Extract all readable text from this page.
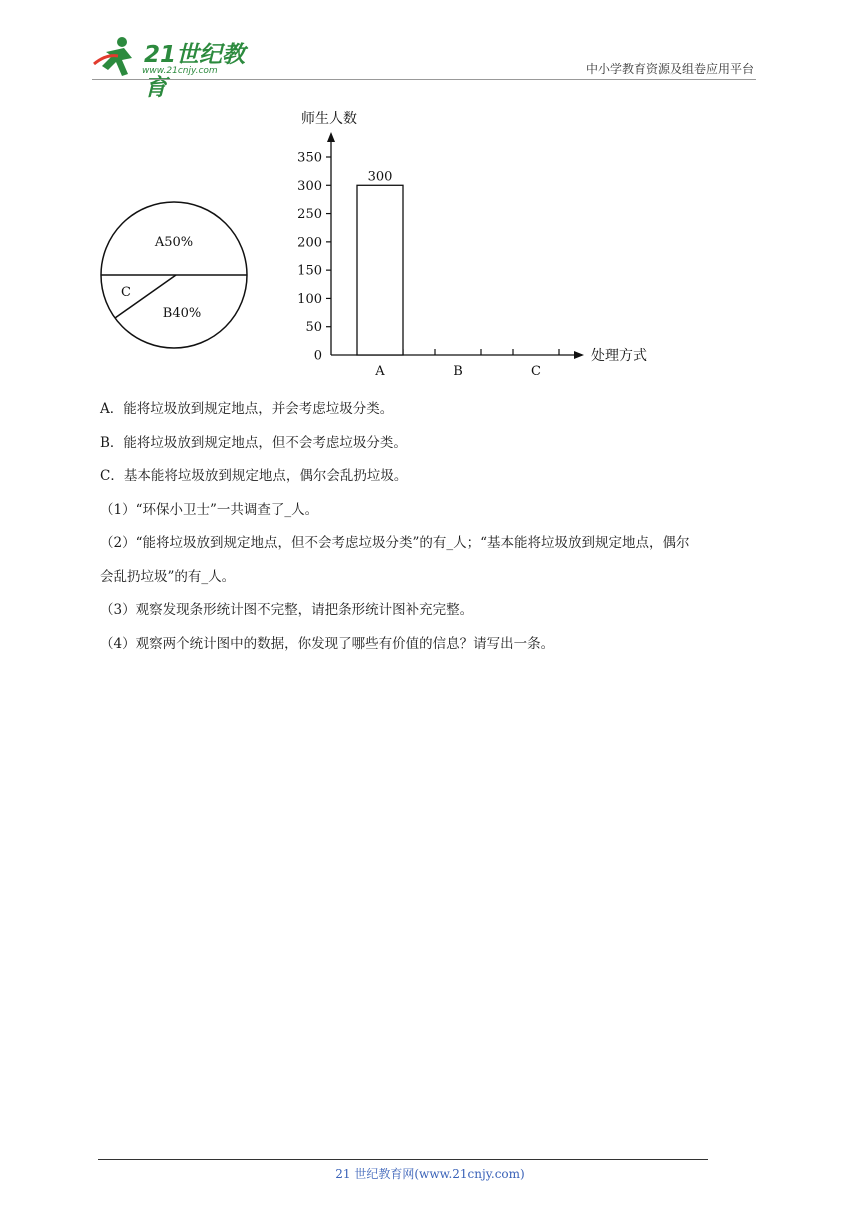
21世纪教育
www.21cnjy.com	中小学教育资源及组卷应用平台
A50%
B40%
C
师生人数
处理方式
0
50
100
150
200
250
300
350
A
300
B	C
A．能将垃圾放到规定地点，并会考虑垃圾分类。
B．能将垃圾放到规定地点，但不会考虑垃圾分类。
C．基本能将垃圾放到规定地点，偶尔会乱扔垃圾。
（1）“环保小卫士”一共调查了_人。
（2）“能将垃圾放到规定地点，但不会考虑垃圾分类”的有_人；“基本能将垃圾放到规定地点，偶尔
会乱扔垃圾”的有_人。
（3）观察发现条形统计图不完整，请把条形统计图补充完整。
（4）观察两个统计图中的数据，你发现了哪些有价值的信息？请写出一条。
21 世纪教育网(www.21cnjy.com)
